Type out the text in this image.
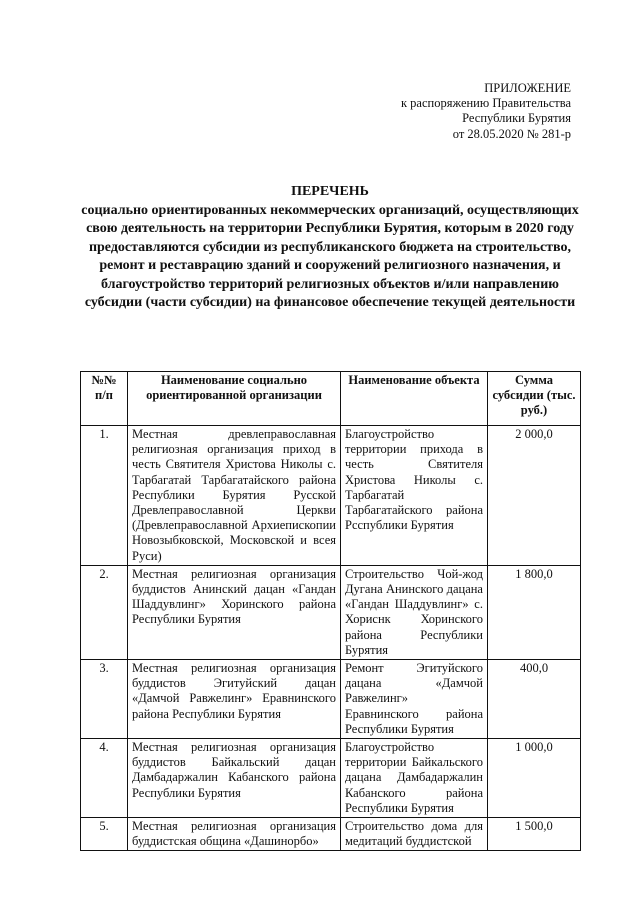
ПРИЛОЖЕНИЕ
к распоряжению Правительства
Республики Бурятия
от 28.05.2020 № 281-р
ПЕРЕЧЕНЬ
социально ориентированных некоммерческих организаций, осуществляющих свою деятельность на территории Республики Бурятия, которым в 2020 году предоставляются субсидии из республиканского бюджета на строительство, ремонт и реставрацию зданий и сооружений религиозного назначения, и благоустройство территорий религиозных объектов и/или направлению субсидии (части субсидии) на финансовое обеспечение текущей деятельности
№№ п/п	Наименование социально ориентированной организации	Наименование объекта	Сумма субсидии (тыс. руб.)
1.	Местная древлеправославная религиозная организация приход в честь Святителя Христова Николы с. Тарбагатай Тарбагатайского района Республики Бурятия Русской Древлеправославной Церкви (Древлеправославной Архиепископии Новозыбковской, Московской и всея Руси)	Благоустройство территории прихода в честь Святителя Христова Николы с. Тарбагатай Тарбагатайского района Рсспублики Бурятия	2 000,0
2.	Местная религиозная организация буддистов Анинский дацан «Гандан Шаддувлинг» Хоринского района Республики Бурятия	Строительство Чой-жод Дугана Анинского дацана «Гандан Шаддувлинг» с. Хориснк Хоринского района Республики Бурятия	1 800,0
3.	Местная религиозная организация буддистов Эгитуйский дацан «Дамчой Равжелинг» Еравнинского района Республики Бурятия	Ремонт Эгитуйского дацана «Дамчой Равжелинг» Еравнинского района Республики Бурятия	400,0
4.	Местная религиозная организация буддистов Байкальский дацан Дамбадаржалин Кабанского района Республики Бурятия	Благоустройство территории Байкальского дацана Дамбадаржалин Кабанского района Республики Бурятия	1 000,0
5.	Местная религиозная организация буддистская община «Дашинорбо»	Строительство дома для медитаций буддистской	1 500,0
